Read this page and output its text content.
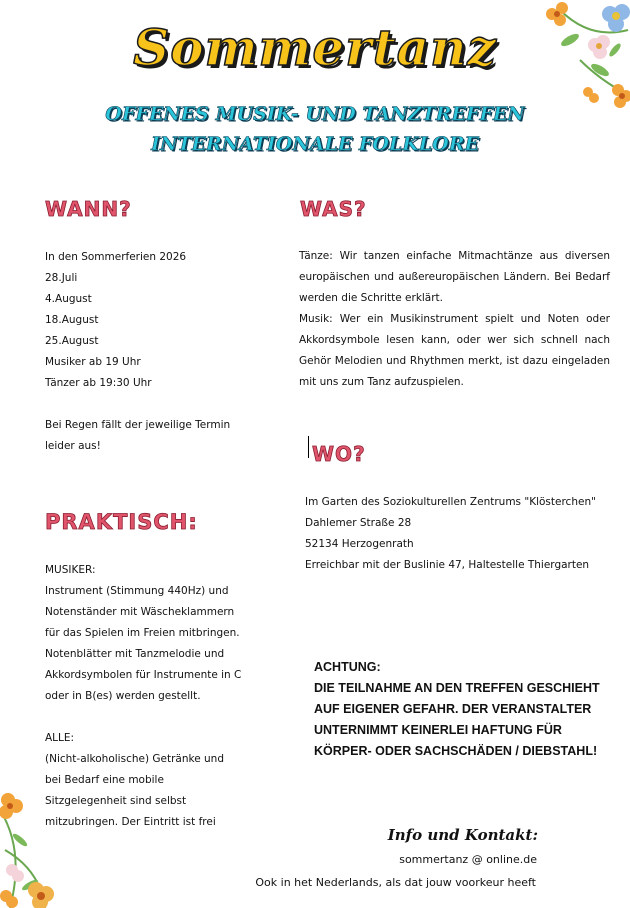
Sommertanz
OFFENES MUSIK- UND TANZTREFFEN
INTERNATIONALE FOLKLORE
WANN?
In den Sommerferien 2026
28.Juli
4.August
18.August
25.August
Musiker ab 19 Uhr
Tänzer ab 19:30 Uhr
Bei Regen fällt der jeweilige Termin
leider aus!
WAS?
Tänze: Wir tanzen einfache Mitmachtänze aus diversen europäischen und außereuropäischen Ländern. Bei Bedarf werden die Schritte erklärt.
Musik: Wer ein Musikinstrument spielt und Noten oder Akkordsymbole lesen kann, oder wer sich schnell nach Gehör Melodien und Rhythmen merkt, ist dazu eingeladen mit uns zum Tanz aufzuspielen.
WO?
Im Garten des Soziokulturellen Zentrums "Klösterchen"
Dahlemer Straße 28
52134 Herzogenrath
Erreichbar mit der Buslinie 47, Haltestelle Thiergarten
PRAKTISCH:
MUSIKER:
Instrument (Stimmung 440Hz) und
Notenständer mit Wäscheklammern
für das Spielen im Freien mitbringen.
Notenblätter mit Tanzmelodie und
Akkordsymbolen für Instrumente in C
oder in B(es) werden gestellt.
ALLE:
(Nicht-alkoholische) Getränke und
bei Bedarf eine mobile
Sitzgelegenheit sind selbst
mitzubringen. Der Eintritt ist frei
ACHTUNG:
DIE TEILNAHME AN DEN TREFFEN GESCHIEHT
AUF EIGENER GEFAHR. DER VERANSTALTER
UNTERNIMMT KEINERLEI HAFTUNG FÜR
KÖRPER- ODER SACHSCHÄDEN / DIEBSTAHL!
Info und Kontakt:
sommertanz @ online.de
Ook in het Nederlands, als dat jouw voorkeur heeft
